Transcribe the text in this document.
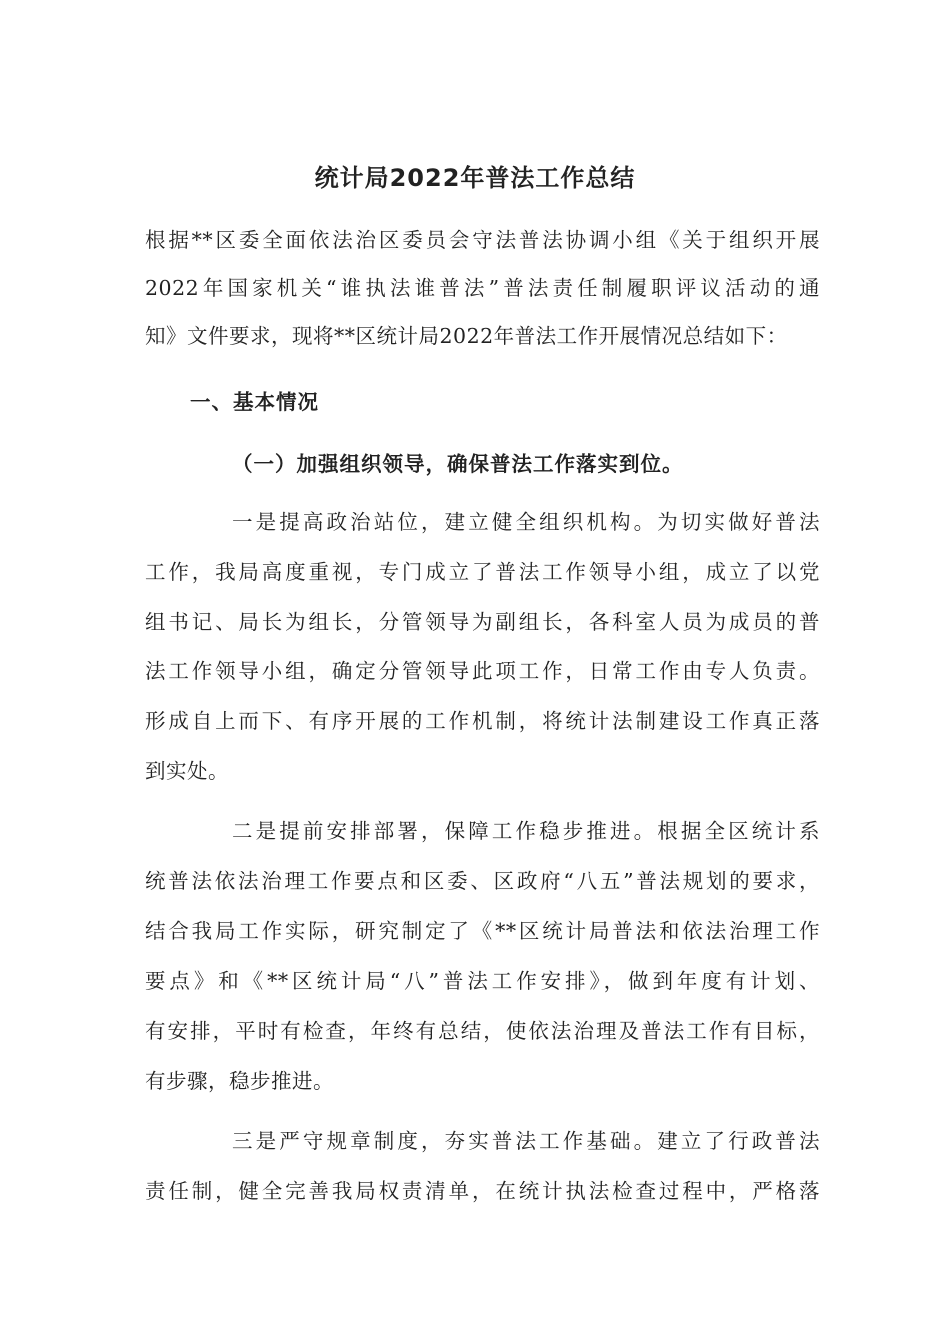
统计局2022年普法工作总结
根据**区委全面依法治区委员会守法普法协调小组《关于组织开展
2022年国家机关“谁执法谁普法”普法责任制履职评议活动的通
知》文件要求，现将**区统计局2022年普法工作开展情况总结如下：
一、基本情况
（一）加强组织领导，确保普法工作落实到位。
一是提高政治站位，建立健全组织机构。为切实做好普法
工作，我局高度重视，专门成立了普法工作领导小组，成立了以党
组书记、局长为组长，分管领导为副组长，各科室人员为成员的普
法工作领导小组，确定分管领导此项工作，日常工作由专人负责。
形成自上而下、有序开展的工作机制，将统计法制建设工作真正落
到实处。
二是提前安排部署，保障工作稳步推进。根据全区统计系
统普法依法治理工作要点和区委、区政府“八五”普法规划的要求，
结合我局工作实际，研究制定了《**区统计局普法和依法治理工作
要点》和《**区统计局“八”普法工作安排》，做到年度有计划、
有安排，平时有检查，年终有总结，使依法治理及普法工作有目标，
有步骤，稳步推进。
三是严守规章制度，夯实普法工作基础。建立了行政普法
责任制，健全完善我局权责清单，在统计执法检查过程中，严格落
